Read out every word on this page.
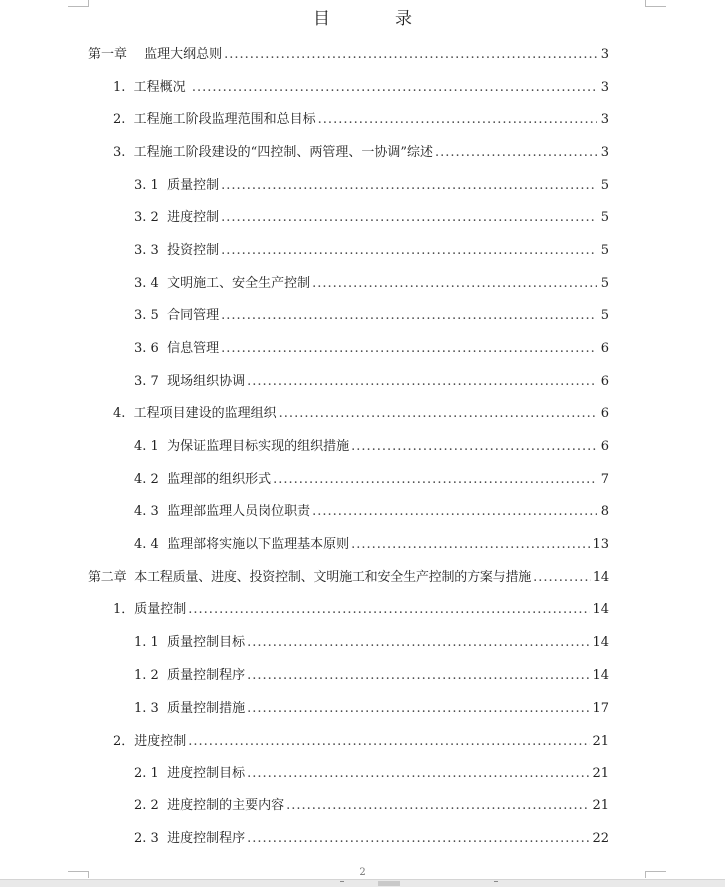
目　录
第一章　 监理大纲总则 .....	3
1.  工程概况 .....	3
2.  工程施工阶段监理范围和总目标 .....	3
3.  工程施工阶段建设的“四控制、两管理、一协调”综述 .....	3
3. 1  质量控制 .....	5
3. 2  进度控制 .....	5
3. 3  投资控制 .....	5
3. 4  文明施工、安全生产控制 .....	5
3. 5  合同管理 .....	5
3. 6  信息管理 .....	6
3. 7  现场组织协调 .....	6
4.  工程项目建设的监理组织 .....	6
4. 1  为保证监理目标实现的组织措施 .....	6
4. 2  监理部的组织形式 .....	7
4. 3  监理部监理人员岗位职责 .....	8
4. 4  监理部将实施以下监理基本原则 .....	13
第二章  本工程质量、进度、投资控制、文明施工和安全生产控制的方案与措施 .....	14
1．质量控制 .....	14
1. 1  质量控制目标 .....	14
1. 2  质量控制程序 .....	14
1. 3  质量控制措施 .....	17
2．进度控制 .....	21
2. 1  进度控制目标 .....	21
2. 2  进度控制的主要内容 .....	21
2. 3  进度控制程序 .....	22
2
